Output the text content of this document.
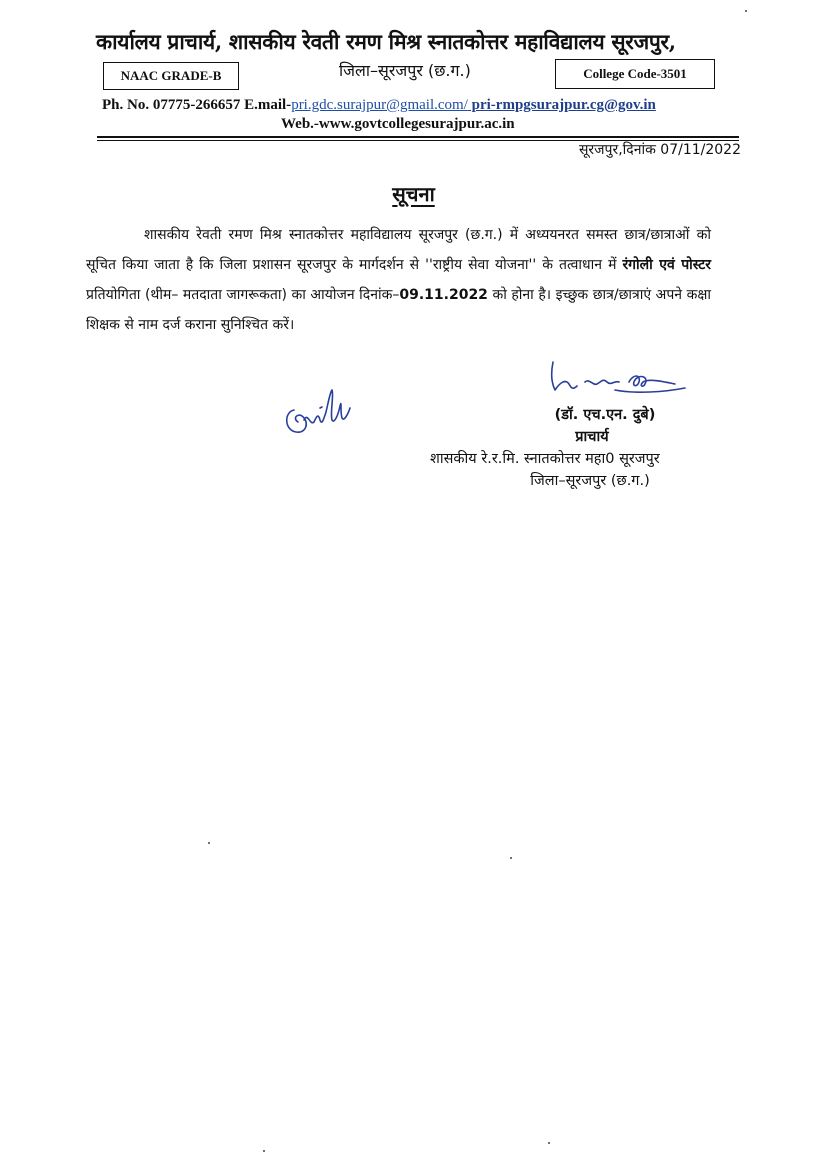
कार्यालय प्राचार्य, शासकीय रेवती रमण मिश्र स्नातकोत्तर महाविद्यालय सूरजपुर,
NAAC GRADE-B	जिला–सूरजपुर (छ.ग.)	College Code-3501
Ph. No. 07775-266657 E.mail-pri.gdc.surajpur@gmail.com/ pri-rmpgsurajpur.cg@gov.in
Web.-www.govtcollegesurajpur.ac.in
सूरजपुर,दिनांक 07/11/2022
सूचना
शासकीय रेवती रमण मिश्र स्नातकोत्तर महाविद्यालय सूरजपुर (छ.ग.) में अध्ययनरत समस्त छात्र/छात्राओं को सूचित किया जाता है कि जिला प्रशासन सूरजपुर के मार्गदर्शन से ''राष्ट्रीय सेवा योजना'' के तत्वाधान में रंगोली एवं पोस्टर प्रतियोगिता (थीम– मतदाता जागरूकता) का आयोजन दिनांक–09.11.2022 को होना है। इच्छुक छात्र/छात्राएं अपने कक्षा शिक्षक से नाम दर्ज कराना सुनिश्चित करें।
(डॉ. एच.एन. दुबे)
प्राचार्य
शासकीय रे.र.मि. स्नातकोत्तर महा0 सूरजपुर
जिला–सूरजपुर (छ.ग.)
